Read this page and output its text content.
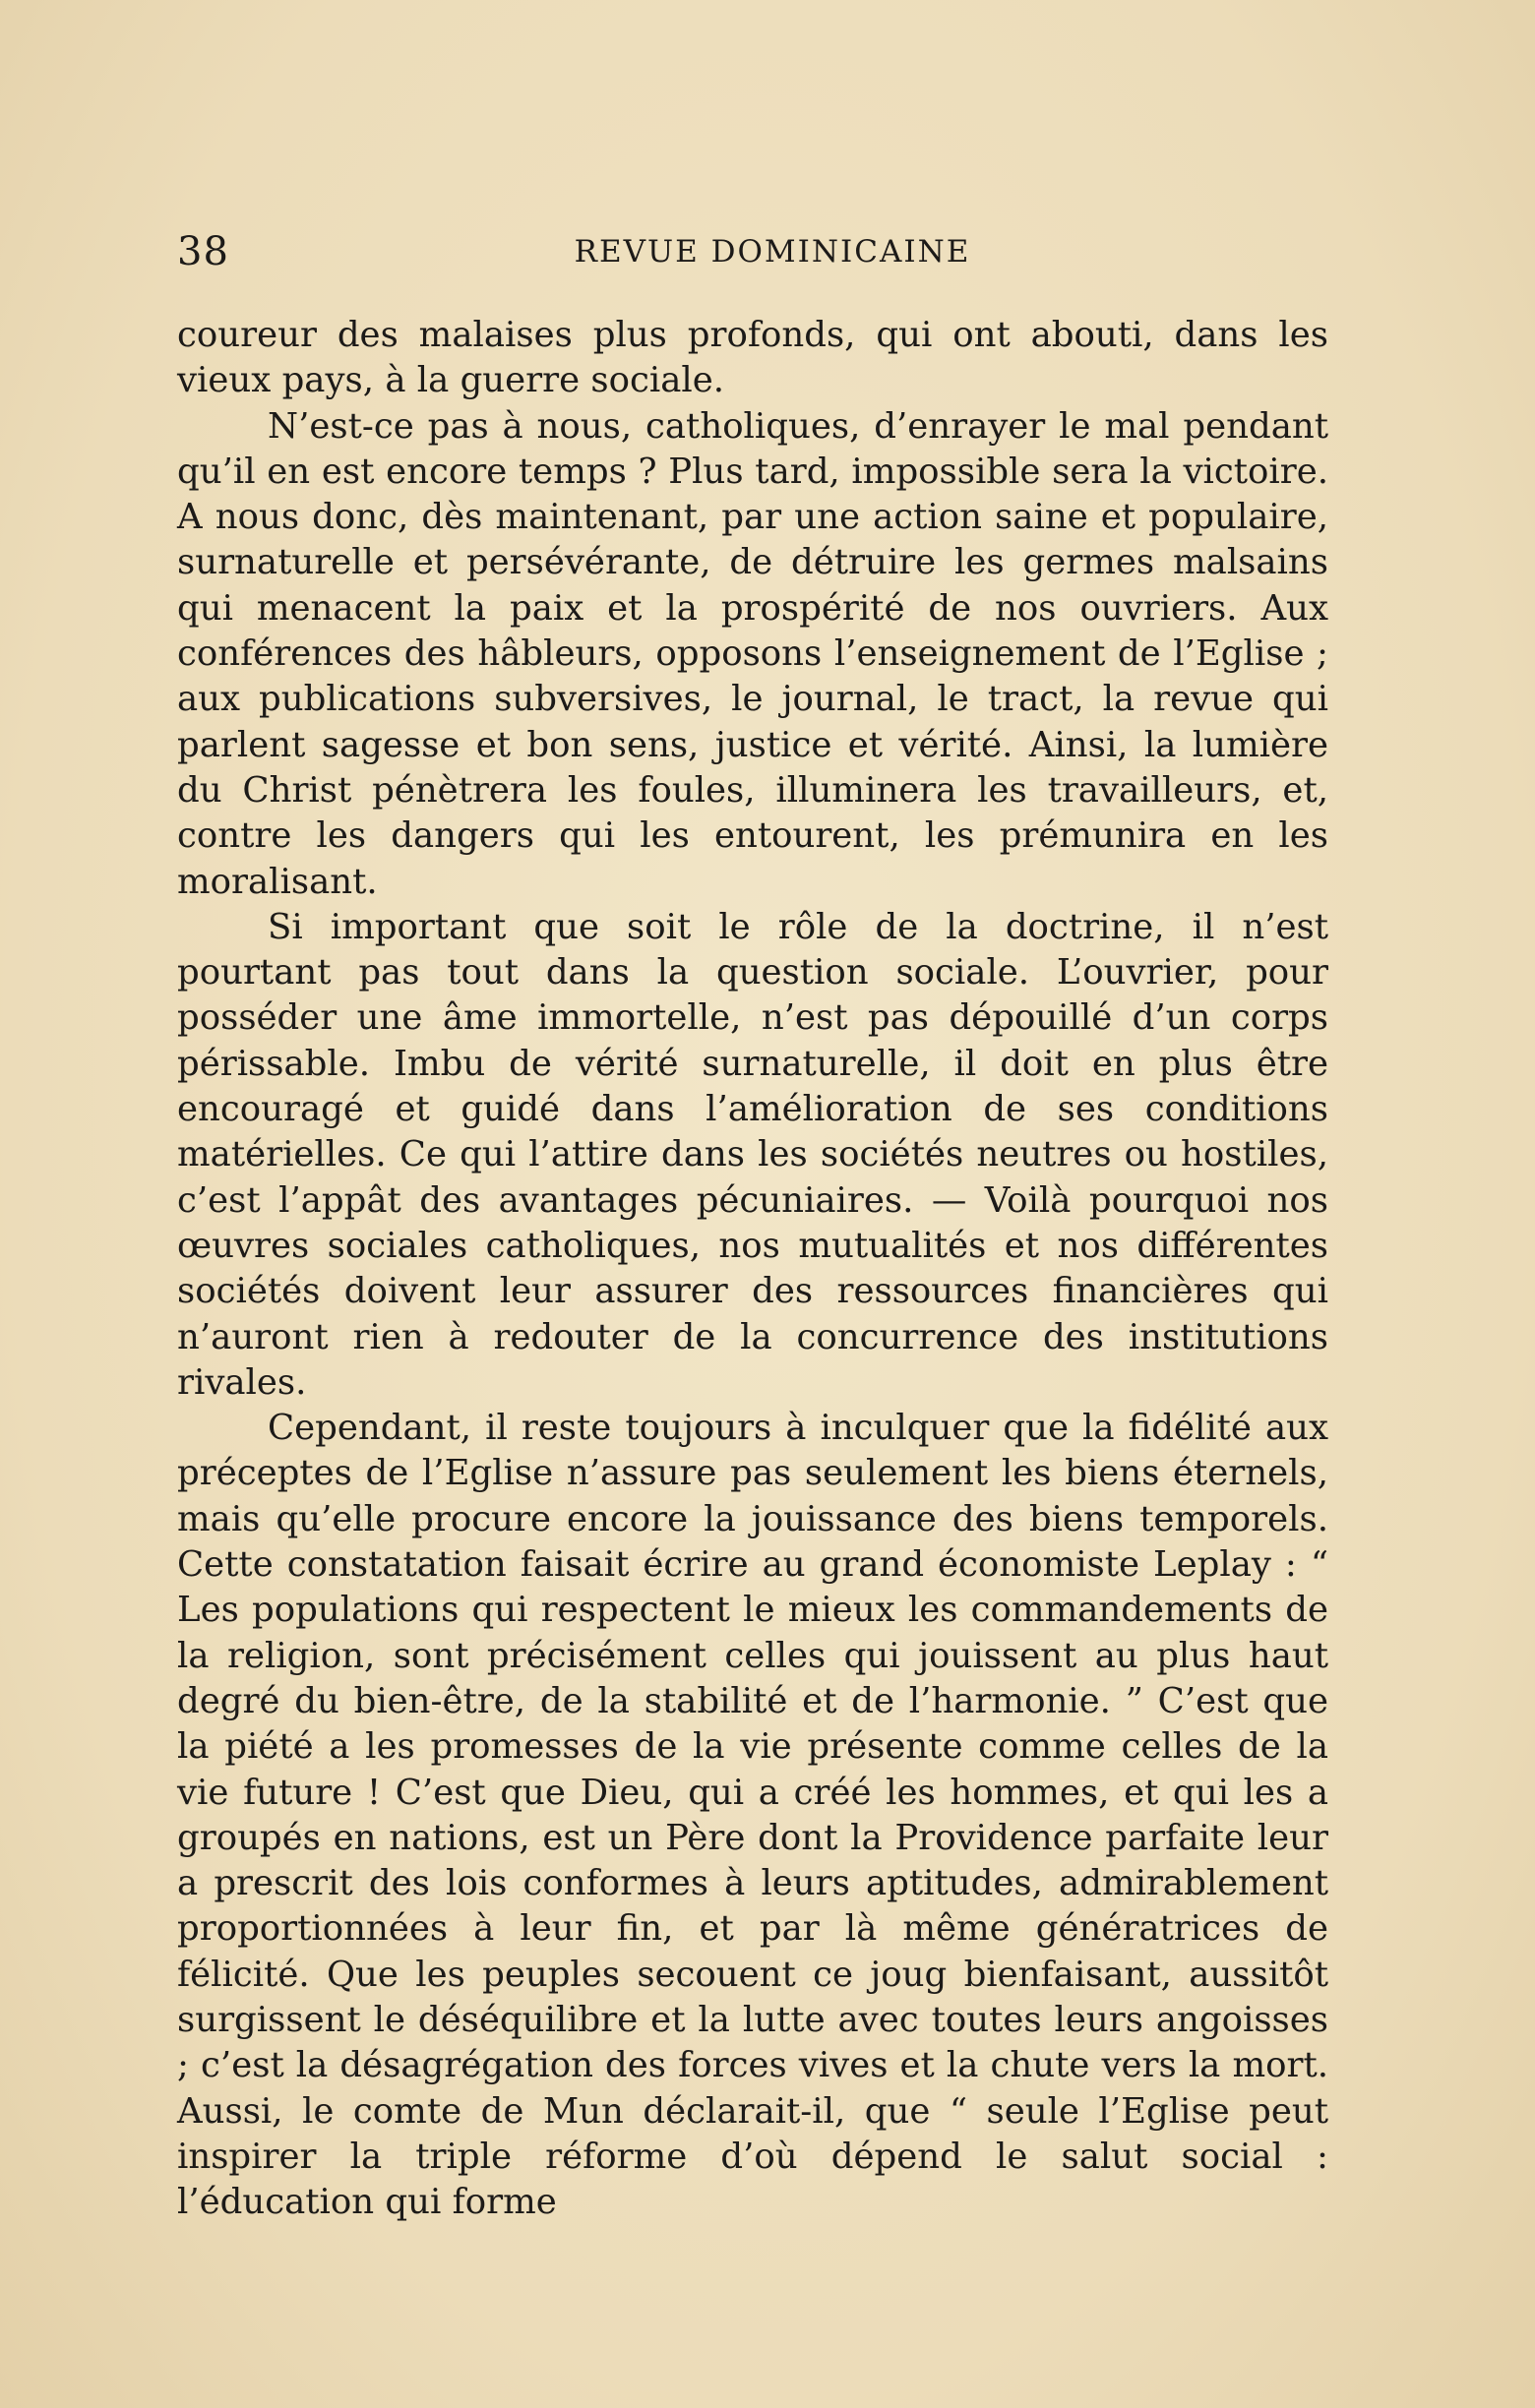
38	REVUE DOMINICAINE

coureur des malaises plus profonds, qui ont abouti, dans les vieux pays, à la guerre sociale.

N’est-ce pas à nous, catholiques, d’enrayer le mal pendant qu’il en est encore temps ? Plus tard, impossible sera la victoire. A nous donc, dès maintenant, par une action saine et populaire, surnaturelle et persévérante, de détruire les germes malsains qui menacent la paix et la prospérité de nos ouvriers. Aux conférences des hâbleurs, opposons l’enseignement de l’Eglise ; aux publications subversives, le journal, le tract, la revue qui parlent sagesse et bon sens, justice et vérité. Ainsi, la lumière du Christ pénètrera les foules, illuminera les travailleurs, et, contre les dangers qui les entourent, les prémunira en les moralisant.

Si important que soit le rôle de la doctrine, il n’est pourtant pas tout dans la question sociale. L’ouvrier, pour posséder une âme immortelle, n’est pas dépouillé d’un corps périssable. Imbu de vérité surnaturelle, il doit en plus être encouragé et guidé dans l’amélioration de ses conditions matérielles. Ce qui l’attire dans les sociétés neutres ou hostiles, c’est l’appât des avantages pécuniaires. — Voilà pourquoi nos œuvres sociales catholiques, nos mutualités et nos différentes sociétés doivent leur assurer des ressources financières qui n’auront rien à redouter de la concurrence des institutions rivales.

Cependant, il reste toujours à inculquer que la fidélité aux préceptes de l’Eglise n’assure pas seulement les biens éternels, mais qu’elle procure encore la jouissance des biens temporels. Cette constatation faisait écrire au grand économiste Leplay : “ Les populations qui respectent le mieux les commandements de la religion, sont précisément celles qui jouissent au plus haut degré du bien-être, de la stabilité et de l’harmonie. ” C’est que la piété a les promesses de la vie présente comme celles de la vie future ! C’est que Dieu, qui a créé les hommes, et qui les a groupés en nations, est un Père dont la Providence parfaite leur a prescrit des lois conformes à leurs aptitudes, admirablement proportionnées à leur fin, et par là même génératrices de félicité. Que les peuples secouent ce joug bienfaisant, aussitôt surgissent le déséquilibre et la lutte avec toutes leurs angoisses ; c’est la désagrégation des forces vives et la chute vers la mort. Aussi, le comte de Mun déclarait-il, que “ seule l’Eglise peut inspirer la triple réforme d’où dépend le salut social : l’éducation qui forme
